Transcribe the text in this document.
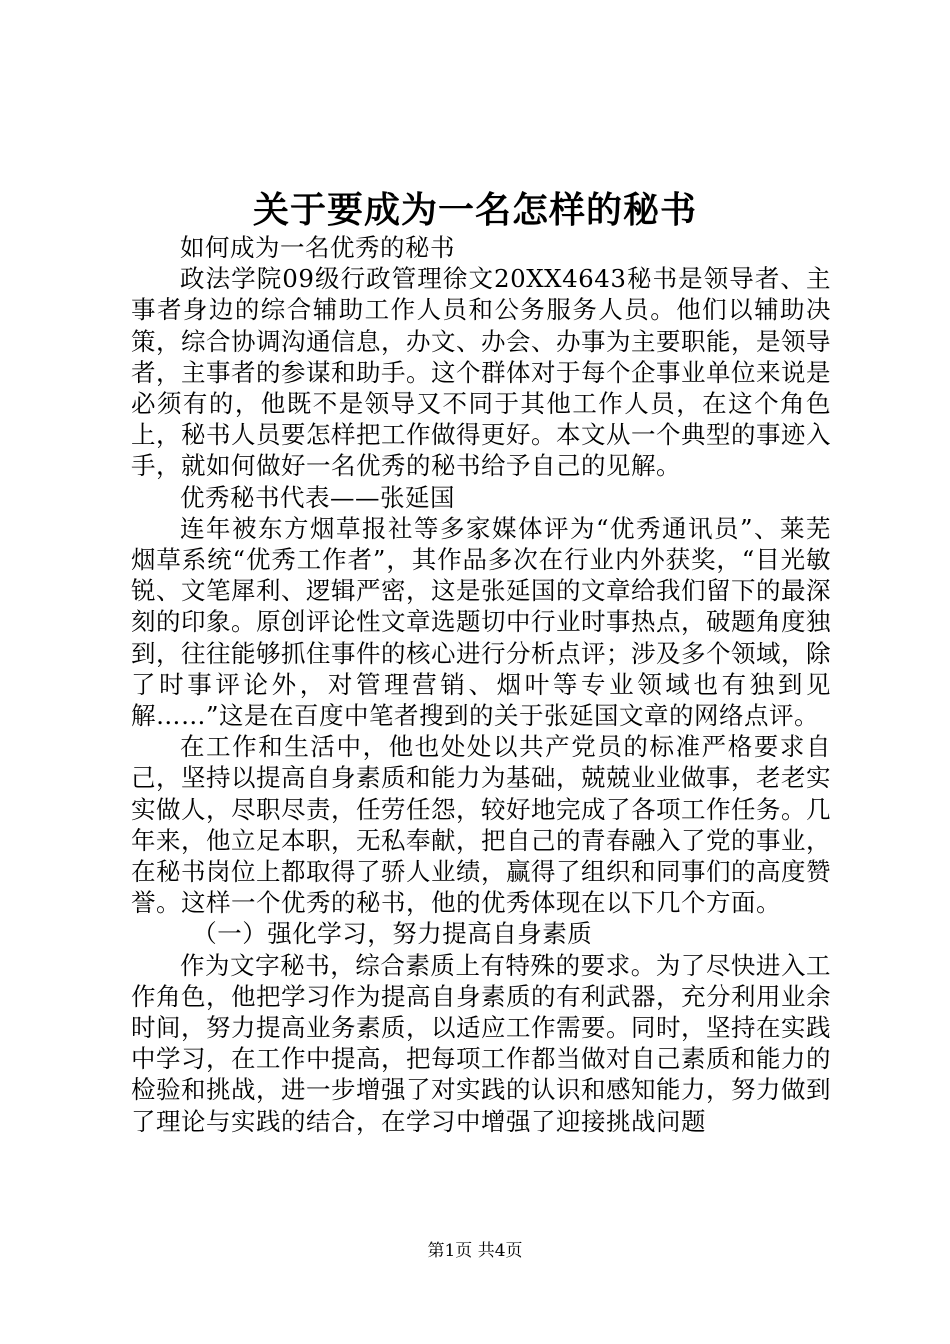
关于要成为一名怎样的秘书

如何成为一名优秀的秘书

政法学院09级行政管理徐文20XX4643秘书是领导者、主事者身边的综合辅助工作人员和公务服务人员。他们以辅助决策，综合协调沟通信息，办文、办会、办事为主要职能，是领导者，主事者的参谋和助手。这个群体对于每个企事业单位来说是必须有的，他既不是领导又不同于其他工作人员，在这个角色上，秘书人员要怎样把工作做得更好。本文从一个典型的事迹入手，就如何做好一名优秀的秘书给予自己的见解。

优秀秘书代表——张延国

连年被东方烟草报社等多家媒体评为“优秀通讯员”、莱芜烟草系统“优秀工作者”，其作品多次在行业内外获奖，“目光敏锐、文笔犀利、逻辑严密，这是张延国的文章给我们留下的最深刻的印象。原创评论性文章选题切中行业时事热点，破题角度独到，往往能够抓住事件的核心进行分析点评；涉及多个领域，除了时事评论外，对管理营销、烟叶等专业领域也有独到见解……”这是在百度中笔者搜到的关于张延国文章的网络点评。

在工作和生活中，他也处处以共产党员的标准严格要求自己，坚持以提高自身素质和能力为基础，兢兢业业做事，老老实实做人，尽职尽责，任劳任怨，较好地完成了各项工作任务。几年来，他立足本职，无私奉献，把自己的青春融入了党的事业，在秘书岗位上都取得了骄人业绩，赢得了组织和同事们的高度赞誉。这样一个优秀的秘书，他的优秀体现在以下几个方面。

（一）强化学习，努力提高自身素质

作为文字秘书，综合素质上有特殊的要求。为了尽快进入工作角色，他把学习作为提高自身素质的有利武器，充分利用业余时间，努力提高业务素质，以适应工作需要。同时，坚持在实践中学习，在工作中提高，把每项工作都当做对自己素质和能力的检验和挑战，进一步增强了对实践的认识和感知能力，努力做到了理论与实践的结合，在学习中增强了迎接挑战问题

第1页 共4页
